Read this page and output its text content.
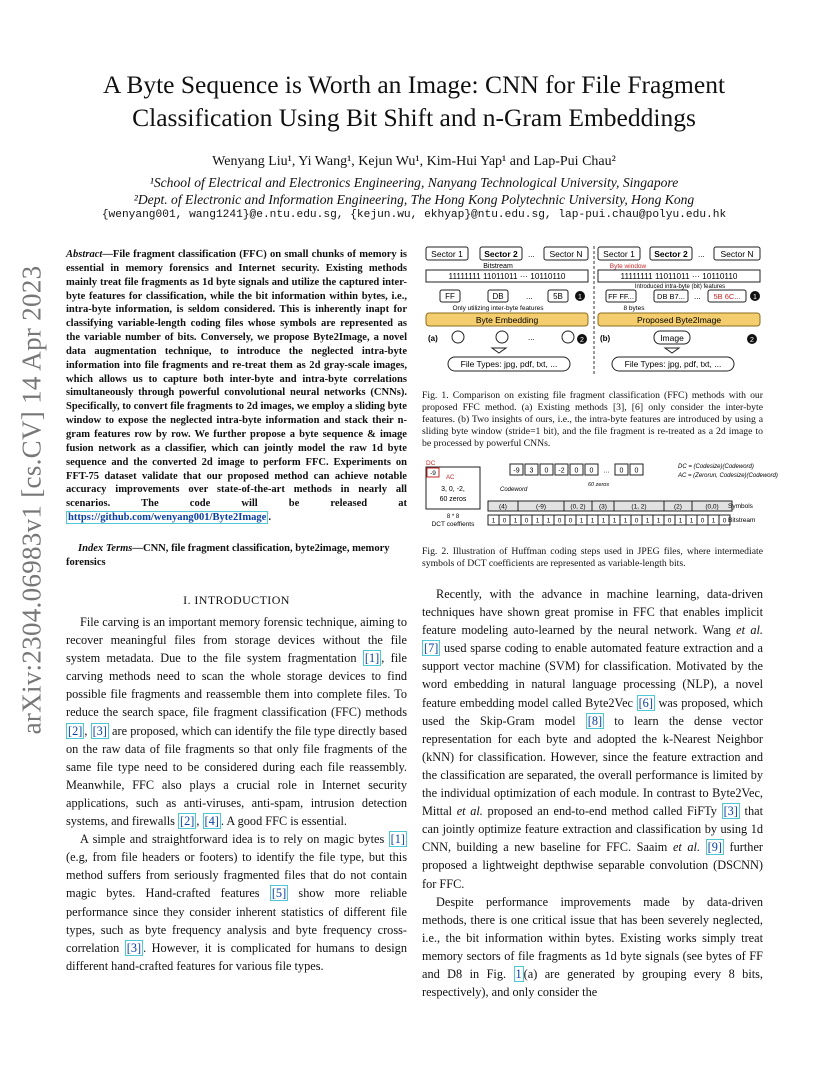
arXiv:2304.06983v1 [cs.CV] 14 Apr 2023
A Byte Sequence is Worth an Image: CNN for File Fragment
Classification Using Bit Shift and n-Gram Embeddings
Wenyang Liu¹, Yi Wang¹, Kejun Wu¹, Kim-Hui Yap¹ and Lap-Pui Chau²
¹School of Electrical and Electronics Engineering, Nanyang Technological University, Singapore
²Dept. of Electronic and Information Engineering, The Hong Kong Polytechnic University, Hong Kong
{wenyang001, wang1241}@e.ntu.edu.sg, {kejun.wu, ekhyap}@ntu.edu.sg, lap-pui.chau@polyu.edu.hk
Abstract—File fragment classification (FFC) on small chunks of memory is essential in memory forensics and Internet security. Existing methods mainly treat file fragments as 1d byte signals and utilize the captured inter-byte features for classification, while the bit information within bytes, i.e., intra-byte information, is seldom considered. This is inherently inapt for classifying variable-length coding files whose symbols are represented as the variable number of bits. Conversely, we propose Byte2Image, a novel data augmentation technique, to introduce the neglected intra-byte information into file fragments and re-treat them as 2d gray-scale images, which allows us to capture both inter-byte and intra-byte correlations simultaneously through powerful convolutional neural networks (CNNs). Specifically, to convert file fragments to 2d images, we employ a sliding byte window to expose the neglected intra-byte information and stack their n-gram features row by row. We further propose a byte sequence & image fusion network as a classifier, which can jointly model the raw 1d byte sequence and the converted 2d image to perform FFC. Experiments on FFT-75 dataset validate that our proposed method can achieve notable accuracy improvements over state-of-the-art methods in nearly all scenarios. The code will be released at https://github.com/wenyang001/Byte2Image .
Index Terms—CNN, file fragment classification, byte2image, memory forensics
I. INTRODUCTION

File carving is an important memory forensic technique, aiming to recover meaningful files from storage devices without the file system metadata. Due to the file system fragmentation [1] , file carving methods need to scan the whole storage devices to find possible file fragments and reassemble them into complete files. To reduce the search space, file fragment classification (FFC) methods [2] , [3] are proposed, which can identify the file type directly based on the raw data of file fragments so that only file fragments of the same file type need to be considered during each file reassembly. Meanwhile, FFC also plays a crucial role in Internet security applications, such as anti-viruses, anti-spam, intrusion detection systems, and firewalls [2] , [4] . A good FFC is essential.

A simple and straightforward idea is to rely on magic bytes [1] (e.g, from file headers or footers) to identify the file type, but this method suffers from seriously fragmented files that do not contain magic bytes. Hand-crafted features [5] show more reliable performance since they consider inherent statistics of different file types, such as byte frequency analysis and byte frequency cross-correlation [3] . However, it is complicated for humans to design different hand-crafted features for various file types.

Sector 1	Sector 2 ... Sector N
Bitstream
11111111 11011011 ··· 10110110
FF	DB	...	5B 1
Only utilizing inter-byte features
Byte Embedding
(a)	...	2
File Types: jpg, pdf, txt, ...
Sector 1 Sector 2 ... Sector N
Byte window
11111111 11011011 ··· 10110110
Introduced intra-byte (bit) features
FF FF...	DB B7... ... 5B 6C... 1
8 bytes
Proposed Byte2Image
(b)	Image	2
File Types: jpg, pdf, txt, ...
Fig. 1. Comparison on existing file fragment classification (FFC) methods with our proposed FFC method. (a) Existing methods [3], [6] only consider the inter-byte features. (b) Two insights of ours, i.e., the intra-byte features are introduced by using a sliding byte window (stride=1 bit), and the file fragment is re-treated as a 2d image to be processed by powerful CNNs.
DC
-9
AC
3, 0, -2,
60 zeros
8 * 8
DCT coeffients
-9 3 0 -2 0 0 ... 0 0
DC = (Codesize)(Codeword)
AC = (Zerorun, Codesize)(Codeword)
Codeword
60 zeros
(4)	(-9)	(0, 2) (3)	(1, 2)	(2)	(0,0) Symbols
1 0 1 0 1 1 0 0 1 1 1 1 1 0 1 1 0 1 1 0 1 0 Bitstream
Fig. 2. Illustration of Huffman coding steps used in JPEG files, where intermediate symbols of DCT coefficients are represented as variable-length bits.

Recently, with the advance in machine learning, data-driven techniques have shown great promise in FFC that enables implicit feature modeling auto-learned by the neural network. Wang et al. [7] used sparse coding to enable automated feature extraction and a support vector machine (SVM) for classification. Motivated by the word embedding in natural language processing (NLP), a novel feature embedding model called Byte2Vec [6] was proposed, which used the Skip-Gram model [8] to learn the dense vector representation for each byte and adopted the k-Nearest Neighbor (kNN) for classification. However, since the feature extraction and the classification are separated, the overall performance is limited by the individual optimization of each module. In contrast to Byte2Vec, Mittal et al. proposed an end-to-end method called FiFTy [3] that can jointly optimize feature extraction and classification by using 1d CNN, building a new baseline for FFC. Saaim et al. [9] further proposed a lightweight depthwise separable convolution (DSCNN) for FFC.

Despite performance improvements made by data-driven methods, there is one critical issue that has been severely neglected, i.e., the bit information within bytes. Existing works simply treat memory sectors of file fragments as 1d byte signals (see bytes of FF and D8 in Fig. 1 (a) are generated by grouping every 8 bits, respectively), and only consider the
